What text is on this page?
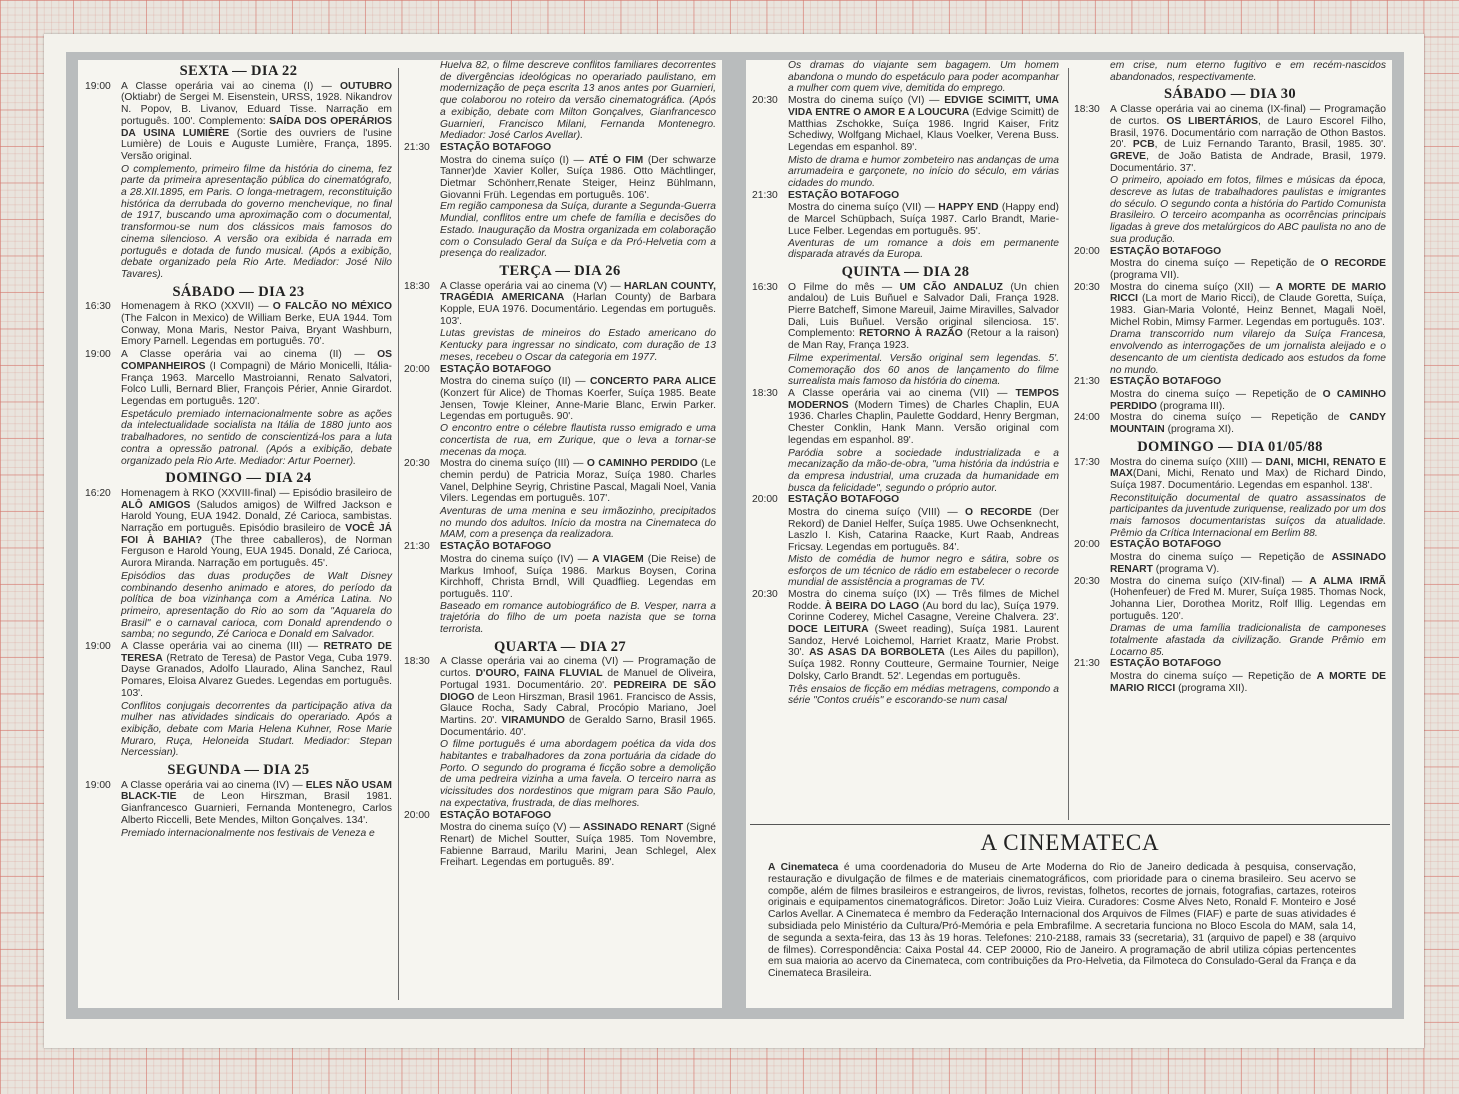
SEXTA — DIA 22
19:00 A Classe operária vai ao cinema (I) — OUTUBRO (Oktiabr) de Sergei M. Eisenstein, URSS, 1928. Nikandrov N. Popov, B. Livanov, Eduard Tisse. Narração em português. 100'. Complemento: SAÍDA DOS OPERÁRIOS DA USINA LUMIÈRE (Sortie des ouvriers de l'usine Lumière) de Louis e Auguste Lumière, França, 1895. Versão original.
O complemento, primeiro filme da história do cinema, fez parte da primeira apresentação pública do cinematógrafo, a 28.XII.1895, em Paris. O longa-metragem, reconstituição histórica da derrubada do governo menchevique, no final de 1917, buscando uma aproximação com o documental, transformou-se num dos clássicos mais famosos do cinema silencioso. A versão ora exibida é narrada em português e dotada de fundo musical. (Após a exibição, debate organizado pela Rio Arte. Mediador: José Nilo Tavares).
SÁBADO — DIA 23
16:30 Homenagem à RKO (XXVII) — O FALCÃO NO MÉXICO (The Falcon in Mexico) de William Berke, EUA 1944. Tom Conway, Mona Maris, Nestor Paiva, Bryant Washburn, Emory Parnell. Legendas em português. 70'.
19:00 A Classe operária vai ao cinema (II) — OS COMPANHEIROS (I Compagni) de Mário Monicelli, Itália-França 1963. Marcello Mastroianni, Renato Salvatori, Folco Lulli, Bernard Blier, François Périer, Annie Girardot. Legendas em português. 120'.
Espetáculo premiado internacionalmente sobre as ações da intelectualidade socialista na Itália de 1880 junto aos trabalhadores, no sentido de conscientizá-los para a luta contra a opressão patronal. (Após a exibição, debate organizado pela Rio Arte. Mediador: Artur Poerner).
DOMINGO — DIA 24
16:20 Homenagem à RKO (XXVIII-final) — Episódio brasileiro de ALÔ AMIGOS (Saludos amigos) de Wilfred Jackson e Harold Young, EUA 1942. Donald, Zé Carioca, sambistas. Narração em português. Episódio brasileiro de VOCÊ JÁ FOI À BAHIA? (The three caballeros), de Norman Ferguson e Harold Young, EUA 1945. Donald, Zé Carioca, Aurora Miranda. Narração em português. 45'.
Episódios das duas produções de Walt Disney combinando desenho animado e atores, do período da política de boa vizinhança com a América Latina. No primeiro, apresentação do Rio ao som da "Aquarela do Brasil" e o carnaval carioca, com Donald aprendendo o samba; no segundo, Zé Carioca e Donald em Salvador.
19:00 A Classe operária vai ao cinema (III) — RETRATO DE TERESA (Retrato de Teresa) de Pastor Vega, Cuba 1979. Dayse Granados, Adolfo Llaurado, Alina Sanchez, Raul Pomares, Eloisa Alvarez Guedes. Legendas em português. 103'.
Conflitos conjugais decorrentes da participação ativa da mulher nas atividades sindicais do operariado. Após a exibição, debate com Maria Helena Kuhner, Rose Marie Muraro, Ruça, Heloneida Studart. Mediador: Stepan Nercessian).
SEGUNDA — DIA 25
19:00 A Classe operária vai ao cinema (IV) — ELES NÃO USAM BLACK-TIE de Leon Hirszman, Brasil 1981. Gianfrancesco Guarnieri, Fernanda Montenegro, Carlos Alberto Riccelli, Bete Mendes, Milton Gonçalves. 134'.
Premiado internacionalmente nos festivais de Veneza e
Huelva 82, o filme descreve conflitos familiares decorrentes de divergências ideológicas no operariado paulistano, em modernização de peça escrita 13 anos antes por Guarnieri, que colaborou no roteiro da versão cinematográfica. (Após a exibição, debate com Milton Gonçalves, Gianfrancesco Guarnieri, Francisco Milani, Fernanda Montenegro. Mediador: José Carlos Avellar).
21:30 ESTAÇÃO BOTAFOGO
Mostra do cinema suíço (I) — ATÉ O FIM (Der schwarze Tanner)de Xavier Koller, Suíça 1986. Otto Mächtlinger, Dietmar Schönherr,Renate Steiger, Heinz Bühlmann, Giovanni Früh. Legendas em português. 106'.
Em região camponesa da Suíça, durante a Segunda-Guerra Mundial, conflitos entre um chefe de família e decisões do Estado. Inauguração da Mostra organizada em colaboração com o Consulado Geral da Suíça e da Pró-Helvetia com a presença do realizador.
TERÇA — DIA 26
18:30 A Classe operária vai ao cinema (V) — HARLAN COUNTY, TRAGÉDIA AMERICANA (Harlan County) de Barbara Kopple, EUA 1976. Documentário. Legendas em português. 103'.
Lutas grevistas de mineiros do Estado americano do Kentucky para ingressar no sindicato, com duração de 13 meses, recebeu o Oscar da categoria em 1977.
20:00 ESTAÇÃO BOTAFOGO
Mostra do cinema suíço (II) — CONCERTO PARA ALICE (Konzert für Alice) de Thomas Koerfer, Suíça 1985. Beate Jensen, Towje Kleiner, Anne-Marie Blanc, Erwin Parker. Legendas em português. 90'.
O encontro entre o célebre flautista russo emigrado e uma concertista de rua, em Zurique, que o leva a tornar-se mecenas da moça.
20:30 Mostra do cinema suíço (III) — O CAMINHO PERDIDO (Le chemin perdu) de Patricia Moraz, Suíça 1980. Charles Vanel, Delphine Seyrig, Christine Pascal, Magali Noel, Vania Vilers. Legendas em português. 107'.
Aventuras de uma menina e seu irmãozinho, precipitados no mundo dos adultos. Início da mostra na Cinemateca do MAM, com a presença da realizadora.
21:30 ESTAÇÃO BOTAFOGO
Mostra do cinema suíço (IV) — A VIAGEM (Die Reise) de Markus Imhoof, Suíça 1986. Markus Boysen, Corina Kirchhoff, Christa Brndl, Will Quadflieg. Legendas em português. 110'.
Baseado em romance autobiográfico de B. Vesper, narra a trajetória do filho de um poeta nazista que se torna terrorista.
QUARTA — DIA 27
18:30 A Classe operária vai ao cinema (VI) — Programação de curtos. D'OURO, FAINA FLUVIAL de Manuel de Oliveira, Portugal 1931. Documentário. 20'. PEDREIRA DE SÃO DIOGO de Leon Hirszman, Brasil 1961. Francisco de Assis, Glauce Rocha, Sady Cabral, Procópio Mariano, Joel Martins. 20'. VIRAMUNDO de Geraldo Sarno, Brasil 1965. Documentário. 40'.
O filme português é uma abordagem poética da vida dos habitantes e trabalhadores da zona portuária da cidade do Porto. O segundo do programa é ficção sobre a demolição de uma pedreira vizinha a uma favela. O terceiro narra as vicissitudes dos nordestinos que migram para São Paulo, na expectativa, frustrada, de dias melhores.
20:00 ESTAÇÃO BOTAFOGO
Mostra do cinema suíço (V) — ASSINADO RENART (Signé Renart) de Michel Soutter, Suíça 1985. Tom Novembre, Fabienne Barraud, Marilu Marini, Jean Schlegel, Alex Freihart. Legendas em português. 89'.
Os dramas do viajante sem bagagem. Um homem abandona o mundo do espetáculo para poder acompanhar a mulher com quem vive, demitida do emprego.
20:30 Mostra do cinema suíço (VI) — EDVIGE SCIMITT, UMA VIDA ENTRE O AMOR E A LOUCURA (Edvige Scimitt) de Matthias Zschokke, Suíça 1986. Ingrid Kaiser, Fritz Schediwy, Wolfgang Michael, Klaus Voelker, Verena Buss. Legendas em espanhol. 89'.
Misto de drama e humor zombeteiro nas andanças de uma arrumadeira e garçonete, no início do século, em várias cidades do mundo.
21:30 ESTAÇÃO BOTAFOGO
Mostra do cinema suíço (VII) — HAPPY END (Happy end) de Marcel Schüpbach, Suíça 1987. Carlo Brandt, Marie-Luce Felber. Legendas em português. 95'.
Aventuras de um romance a dois em permanente disparada através da Europa.
QUINTA — DIA 28
16:30 O Filme do mês — UM CÃO ANDALUZ (Un chien andalou) de Luis Buñuel e Salvador Dali, França 1928. Pierre Batcheff, Simone Mareuil, Jaime Miravilles, Salvador Dali, Luis Buñuel. Versão original silenciosa. 15'. Complemento: RETORNO À RAZÃO (Retour a la raison) de Man Ray, França 1923.
Filme experimental. Versão original sem legendas. 5'. Comemoração dos 60 anos de lançamento do filme surrealista mais famoso da história do cinema.
18:30 A Classe operária vai ao cinema (VII) — TEMPOS MODERNOS (Modern Times) de Charles Chaplin, EUA 1936. Charles Chaplin, Paulette Goddard, Henry Bergman, Chester Conklin, Hank Mann. Versão original com legendas em espanhol. 89'.
Paródia sobre a sociedade industrializada e a mecanização da mão-de-obra, "uma história da indústria e da empresa industrial, uma cruzada da humanidade em busca da felicidade", segundo o próprio autor.
20:00 ESTAÇÃO BOTAFOGO
Mostra do cinema suíço (VIII) — O RECORDE (Der Rekord) de Daniel Helfer, Suíça 1985. Uwe Ochsenknecht, Laszlo I. Kish, Catarina Raacke, Kurt Raab, Andreas Fricsay. Legendas em português. 84'.
Misto de comédia de humor negro e sátira, sobre os esforços de um técnico de rádio em estabelecer o recorde mundial de assistência a programas de TV.
20:30 Mostra do cinema suíço (IX) — Três filmes de Michel Rodde. À BEIRA DO LAGO (Au bord du lac), Suíça 1979. Corinne Coderey, Michel Casagne, Vereine Chalvera. 23'. DOCE LEITURA (Sweet reading), Suíça 1981. Laurent Sandoz, Hervé Loichemol, Harriet Kraatz, Marie Probst. 30'. AS ASAS DA BORBOLETA (Les Ailes du papillon), Suíça 1982. Ronny Coutteure, Germaine Tournier, Neige Dolsky, Carlo Brandt. 52'. Legendas em português.
Três ensaios de ficção em médias metragens, compondo a série "Contos cruéis" e escorando-se num casal
em crise, num eterno fugitivo e em recém-nascidos abandonados, respectivamente.
SÁBADO — DIA 30
18:30 A Classe operária vai ao cinema (IX-final) — Programação de curtos. OS LIBERTÁRIOS, de Lauro Escorel Filho, Brasil, 1976. Documentário com narração de Othon Bastos. 20'. PCB, de Luiz Fernando Taranto, Brasil, 1985. 30'. GREVE, de João Batista de Andrade, Brasil, 1979. Documentário. 37'.
O primeiro, apoiado em fotos, filmes e músicas da época, descreve as lutas de trabalhadores paulistas e imigrantes do século. O segundo conta a história do Partido Comunista Brasileiro. O terceiro acompanha as ocorrências principais ligadas à greve dos metalúrgicos do ABC paulista no ano de sua produção.
20:00 ESTAÇÃO BOTAFOGO
Mostra do cinema suíço — Repetição de O RECORDE (programa VII).
20:30 Mostra do cinema suíço (XII) — A MORTE DE MARIO RICCI (La mort de Mario Ricci), de Claude Goretta, Suíça, 1983. Gian-Maria Volonté, Heinz Bennet, Magali Noël, Michel Robin, Mimsy Farmer. Legendas em português. 103'.
Drama transcorrido num vilarejo da Suíça Francesa, envolvendo as interrogações de um jornalista aleijado e o desencanto de um cientista dedicado aos estudos da fome no mundo.
21:30 ESTAÇÃO BOTAFOGO
Mostra do cinema suíço — Repetição de O CAMINHO PERDIDO (programa III).
24:00 Mostra do cinema suíço — Repetição de CANDY MOUNTAIN (programa XI).
DOMINGO — DIA 01/05/88
17:30 Mostra do cinema suíço (XIII) — DANI, MICHI, RENATO E MAX(Dani, Michi, Renato und Max) de Richard Dindo, Suíça 1987. Documentário. Legendas em espanhol. 138'.
Reconstituição documental de quatro assassinatos de participantes da juventude zuriquense, realizado por um dos mais famosos documentaristas suíços da atualidade. Prêmio da Crítica Internacional em Berlim 88.
20:00 ESTAÇÃO BOTAFOGO
Mostra do cinema suíço — Repetição de ASSINADO RENART (programa V).
20:30 Mostra do cinema suíço (XIV-final) — A ALMA IRMÃ (Hohenfeuer) de Fred M. Murer, Suíça 1985. Thomas Nock, Johanna Lier, Dorothea Moritz, Rolf Illig. Legendas em português. 120'.
Dramas de uma família tradicionalista de camponeses totalmente afastada da civilização. Grande Prêmio em Locarno 85.
21:30 ESTAÇÃO BOTAFOGO
Mostra do cinema suíço — Repetição de A MORTE DE MARIO RICCI (programa XII).
A CINEMATECA
A Cinemateca é uma coordenadoria do Museu de Arte Moderna do Rio de Janeiro dedicada à pesquisa, conservação, restauração e divulgação de filmes e de materiais cinematográficos, com prioridade para o cinema brasileiro. Seu acervo se compõe, além de filmes brasileiros e estrangeiros, de livros, revistas, folhetos, recortes de jornais, fotografias, cartazes, roteiros originais e equipamentos cinematográficos. Diretor: João Luiz Vieira. Curadores: Cosme Alves Neto, Ronald F. Monteiro e José Carlos Avellar. A Cinemateca é membro da Federação Internacional dos Arquivos de Filmes (FIAF) e parte de suas atividades é subsidiada pelo Ministério da Cultura/Pró-Memória e pela Embrafilme. A secretaria funciona no Bloco Escola do MAM, sala 14, de segunda a sexta-feira, das 13 às 19 horas. Telefones: 210-2188, ramais 33 (secretaria), 31 (arquivo de papel) e 38 (arquivo de filmes). Correspondência: Caixa Postal 44. CEP 20000, Rio de Janeiro. A programação de abril utiliza cópias pertencentes em sua maioria ao acervo da Cinemateca, com contribuições da Pro-Helvetia, da Filmoteca do Consulado-Geral da França e da Cinemateca Brasileira.
